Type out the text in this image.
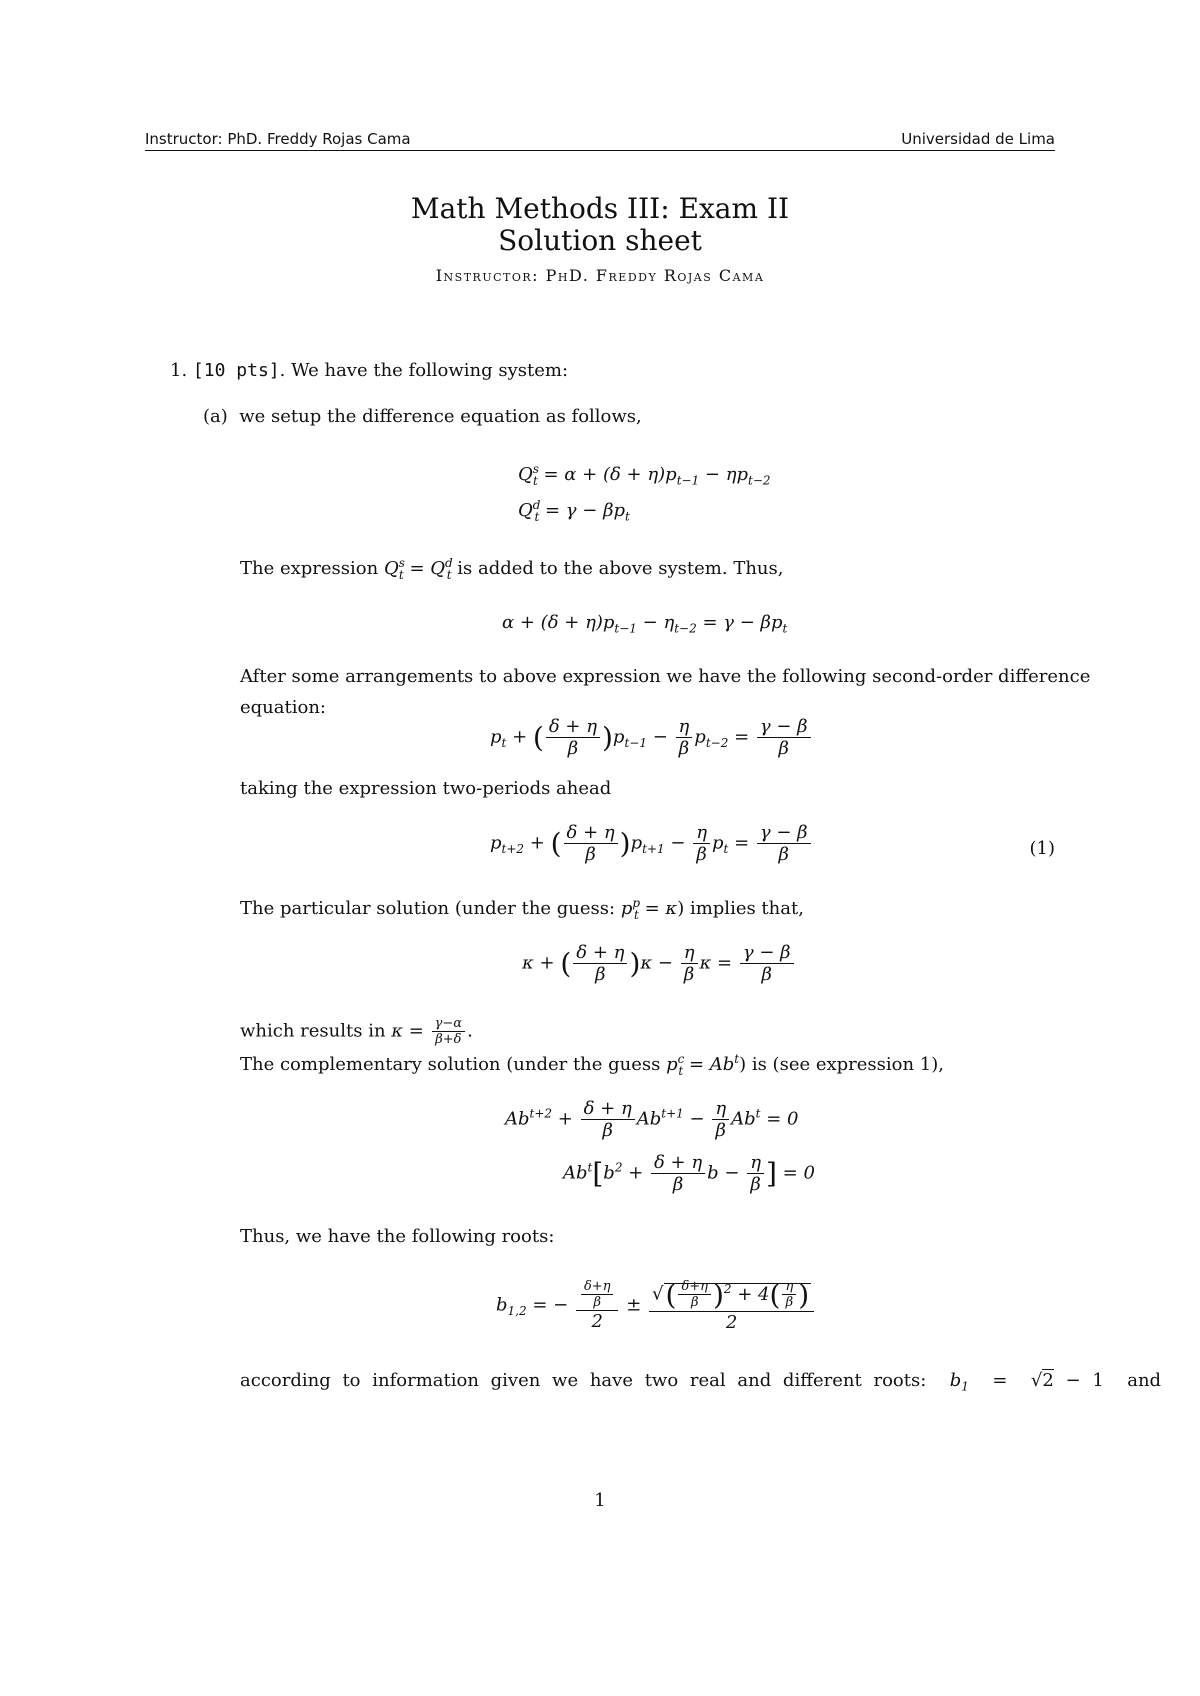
Instructor: PhD. Freddy Rojas Cama	Universidad de Lima
Math Methods III: Exam II
Solution sheet
Instructor: PhD. Freddy Rojas Cama
1. [10 pts]. We have the following system:
(a) we setup the difference equation as follows,
$Q^s_t = \alpha + (\delta + \eta)p_{t-1} - \eta p_{t-2}$
$Q^d_t = \gamma - \beta p_t$
The expression $Q^s_t = Q^d_t$ is added to the above system. Thus,
$\alpha + (\delta + \eta)p_{t-1} - \eta_{t-2} = \gamma - \beta p_t$
After some arrangements to above expression we have the following second-order difference
equation:
$p_t$ + ( $\frac{\delta + \eta}{\beta} )p_{t-1} - \frac{\eta}{\beta} p_{t-2} = \frac{\gamma - \beta}{\beta}$
taking the expression two-periods ahead
$p_{t+2}$ + ( $\frac{\delta + \eta}{\beta} )p_{t+1} - \frac{\eta}{\beta} p_t = \frac{\gamma - \beta}{\beta}$	(1)
The particular solution (under the guess: $p^p_t = \kappa$) implies that,
κ + ( $\frac{\delta + \eta}{\beta} )\kappa - \frac{\eta}{\beta}$ $\kappa = \frac{\gamma - \beta}{\beta}$
which results in $\kappa = \frac{\gamma-\alpha}{\beta+\delta}$ .
The complementary solution (under the guess $p^c_t = Ab^t$) is (see expression 1),
$Ab^{t+2} + \frac{\delta + \eta}{\beta} Ab^{t+1} - \frac{\eta}{\beta} Ab^t = 0$
$Ab^t[b^2 + \frac{\delta + \eta}{\beta}$ $b - \frac{\eta}{\beta}$ ] = 0
Thus, we have the following roots:
$b_{1,2}$ = − $\frac{\frac{\delta+\eta}{\beta}}{2} \pm \frac{√( \frac{\delta+\eta}{\beta} )^2 + 4( \frac{\eta}{\beta} )}{2}$
according to information given we have two real and different roots: $b_1 = √2 - 1$  and
1
